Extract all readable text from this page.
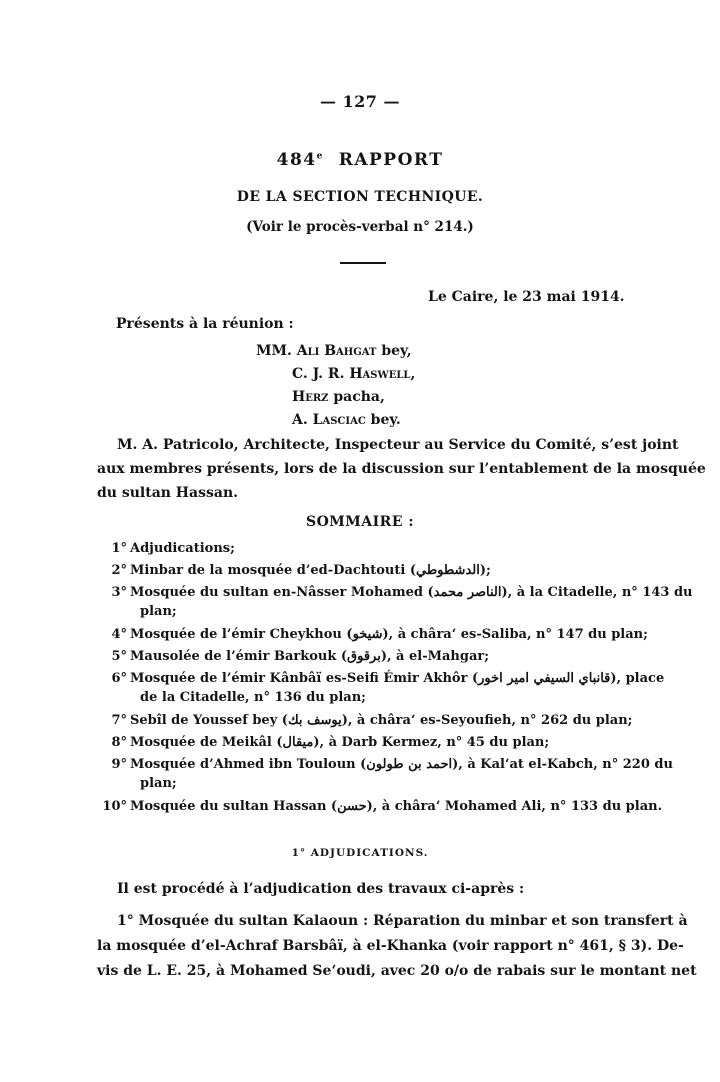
— 127 —
484e RAPPORT
DE LA SECTION TECHNIQUE.
(Voir le procès-verbal n° 214.)
Le Caire, le 23 mai 1914.
Présents à la réunion :
MM. Ali Bahgat bey,
C. J. R. Haswell,
Herz pacha,
A. Lasciac bey.
M. A. Patricolo, Architecte, Inspecteur au Service du Comité, s’est joint
aux membres présents, lors de la discussion sur l’entablement de la mosquée
du sultan Hassan.
SOMMAIRE :
1° Adjudications;
2° Minbar de la mosquée d’ed-Dachtouti (الدشطوطي);
3° Mosquée du sultan en-Nâsser Mohamed (الناصر محمد), à la Citadelle, n° 143 du
plan;
4° Mosquée de l’émir Cheykhou (شيخو), à châra‘ es-Saliba, n° 147 du plan;
5° Mausolée de l’émir Barkouk (برقوق), à el-Mahgar;
6° Mosquée de l’émir Kânbâï es-Seifi Émir Akhôr (قانباي السيفي امير اخور), place
de la Citadelle, n° 136 du plan;
7° Sebîl de Youssef bey (يوسف بك), à châra‘ es-Seyoufieh, n° 262 du plan;
8° Mosquée de Meikâl (ميقال), à Darb Kermez, n° 45 du plan;
9° Mosquée d’Ahmed ibn Touloun (احمد بن طولون), à Kal‘at el-Kabch, n° 220 du
plan;
10° Mosquée du sultan Hassan (حسن), à châra‘ Mohamed Ali, n° 133 du plan.
1° ADJUDICATIONS.
Il est procédé à l’adjudication des travaux ci-après :
1° Mosquée du sultan Kalaoun : Réparation du minbar et son transfert à
la mosquée d’el-Achraf Barsbâï, à el-Khanka (voir rapport n° 461, § 3). De-
vis de L. E. 25, à Mohamed Se‘oudi, avec 20 o/o de rabais sur le montant net
